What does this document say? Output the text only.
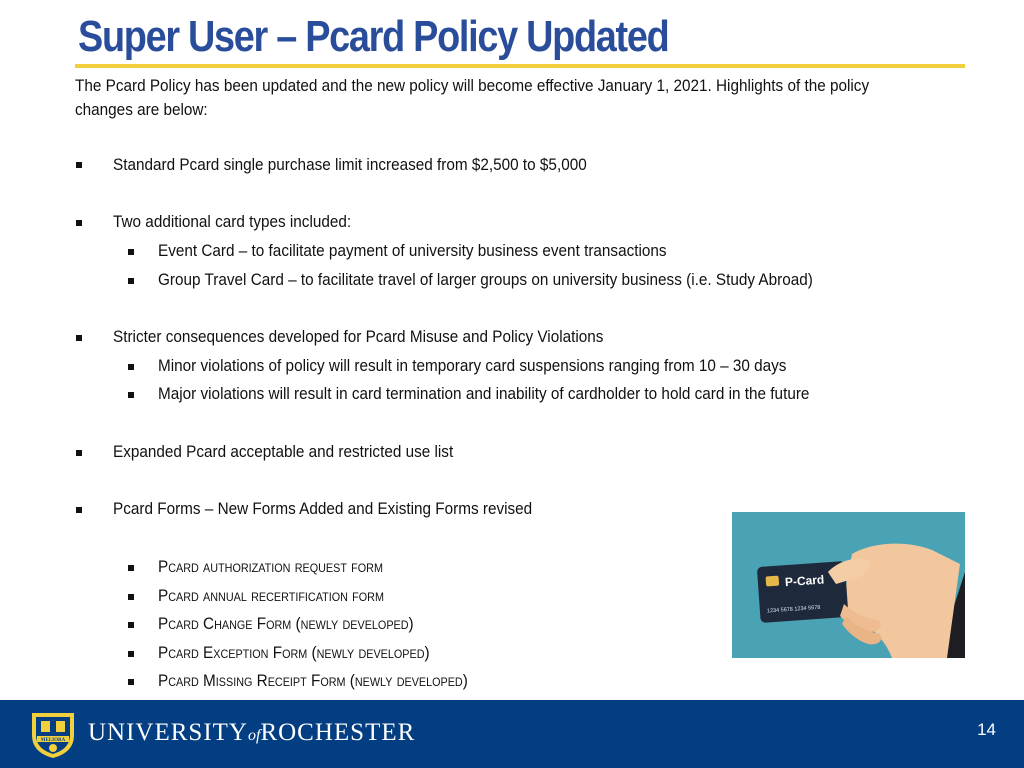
Super User – Pcard Policy Updated
The Pcard Policy has been updated and the new policy will become effective January 1, 2021. Highlights of the policy changes are below:
Standard Pcard single purchase limit increased from $2,500 to $5,000
Two additional card types included:
Event Card – to facilitate payment of university business event transactions
Group Travel Card – to facilitate travel of larger groups on university business (i.e. Study Abroad)
Stricter consequences developed for Pcard Misuse and Policy Violations
Minor violations of policy will result in temporary card suspensions ranging from 10 – 30 days
Major violations will result in card termination and inability of cardholder to hold card in the future
Expanded Pcard acceptable and restricted use list
Pcard Forms – New Forms Added and Existing Forms revised
Pcard authorization request form
Pcard annual recertification form
Pcard Change Form (newly developed)
Pcard Exception Form (newly developed)
Pcard Missing Receipt Form (newly developed)
P-Card
1234 5678 1234 5678
MELIORA UNIVERSITYofROCHESTER	14
